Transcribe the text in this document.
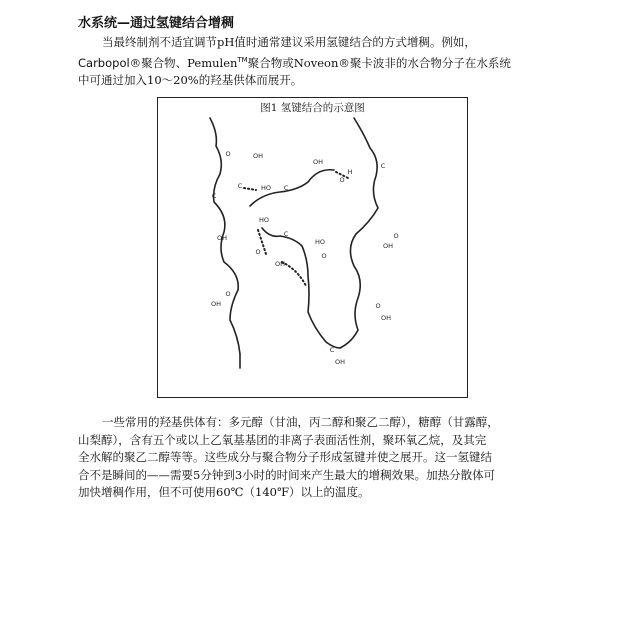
水系统—通过氢键结合增稠
当最终制剂不适宜调节pH值时通常建议采用氢键结合的方式增稠。例如，
Carbopol®聚合物、Pemulen™聚合物或Noveon®聚卡波非的水合物分子在水系统
中可通过加入10～20%的羟基供体而展开。
图1 氢键结合的示意图
O	OH
C
OH
C	HO C
OH
O
H
C
O
OH
HO
C
HO
O
OH
O
O
OH	O
OH
OH
C
一些常用的羟基供体有：多元醇（甘油，丙二醇和聚乙二醇），糖醇（甘露醇，
山梨醇），含有五个或以上乙氧基基团的非离子表面活性剂，聚环氧乙烷，及其完
全水解的聚乙二醇等等。这些成分与聚合物分子形成氢键并使之展开。这一氢键结
合不是瞬间的——需要5分钟到3小时的时间来产生最大的增稠效果。加热分散体可
加快增稠作用，但不可使用60℃（140℉）以上的温度。
